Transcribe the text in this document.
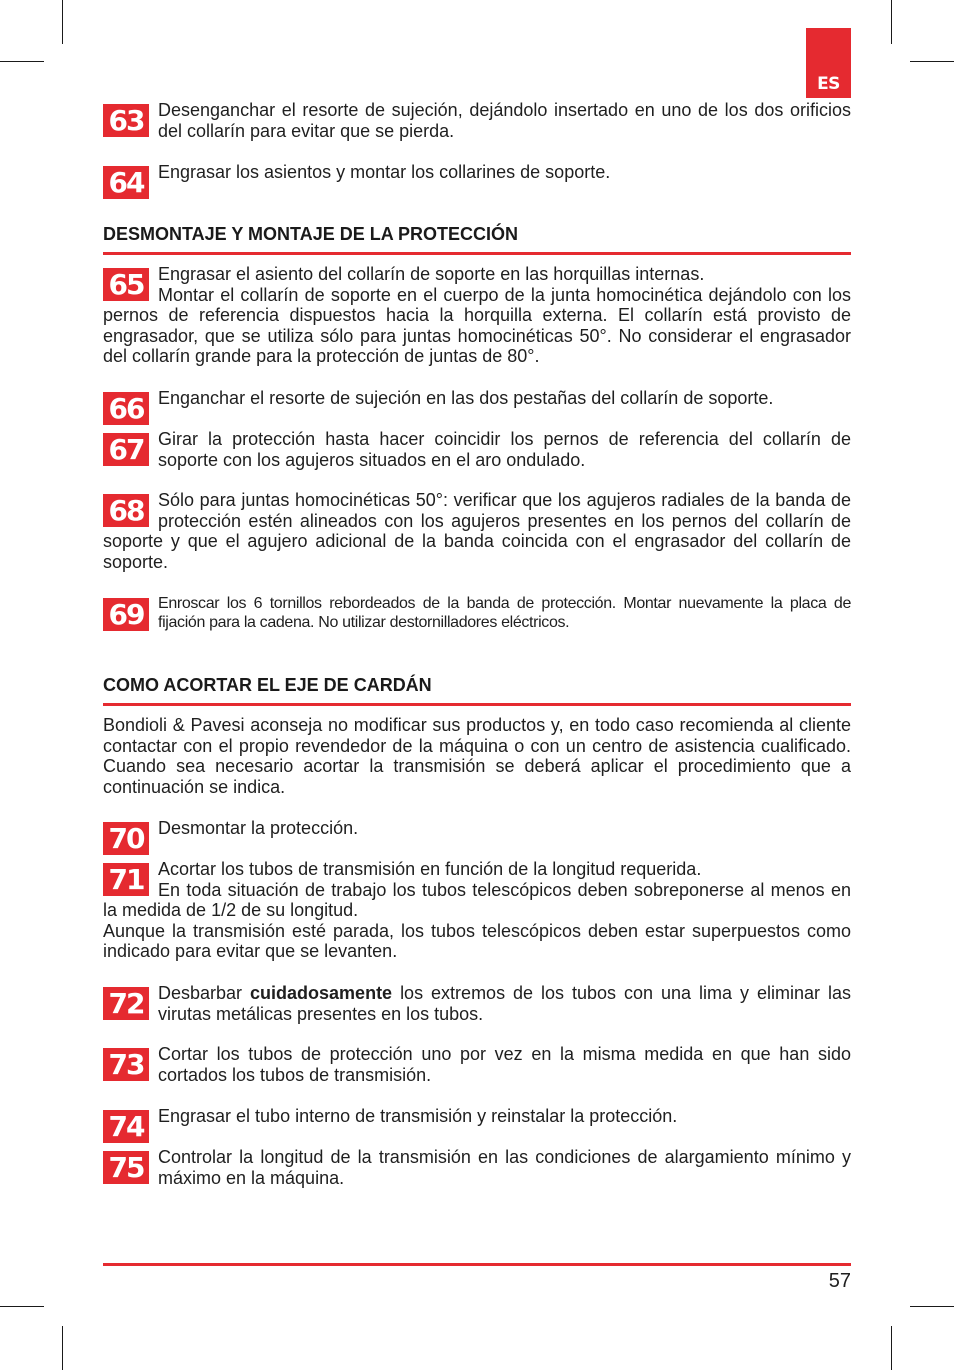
ES
63 Desenganchar el resorte de sujeción, dejándolo insertado en uno de los dos orificios del collarín para evitar que se pierda.

64 Engrasar los asientos y montar los collarines de soporte.

DESMONTAJE Y MONTAJE DE LA PROTECCIÓN
65 Engrasar el asiento del collarín de soporte en las horquillas internas.

Montar el collarín de soporte en el cuerpo de la junta homocinética dejándolo con los pernos de referencia dispuestos hacia la horquilla externa. El collarín está provisto de engrasador, que se utiliza sólo para juntas homocinéticas 50°. No considerar el engrasador del collarín grande para la protección de juntas de 80°.

66 Enganchar el resorte de sujeción en las dos pestañas del collarín de soporte.

67 Girar la protección hasta hacer coincidir los pernos de referencia del collarín de soporte con los agujeros situados en el aro ondulado.

68 Sólo para juntas homocinéticas 50°: verificar que los agujeros radiales de la banda de protección estén alineados con los agujeros presentes en los pernos del collarín de soporte y que el agujero adicional de la banda coincida con el engrasador del collarín de soporte.

69 Enroscar los 6 tornillos rebordeados de la banda de protección. Montar nuevamente la placa de fijación para la cadena. No utilizar destornilladores eléctricos.

COMO ACORTAR EL EJE DE CARDÁN

Bondioli & Pavesi aconseja no modificar sus productos y, en todo caso recomienda al cliente contactar con el propio revendedor de la máquina o con un centro de asistencia cualificado. Cuando sea necesario acortar la transmisión se deberá aplicar el procedimiento que a continuación se indica.

70 Desmontar la protección.

71 Acortar los tubos de transmisión en función de la longitud requerida.

En toda situación de trabajo los tubos telescópicos deben sobreponerse al menos en la medida de 1/2 de su longitud.

Aunque la transmisión esté parada, los tubos telescópicos deben estar superpuestos como indicado para evitar que se levanten.

72 Desbarbar cuidadosamente los extremos de los tubos con una lima y eliminar las virutas metálicas presentes en los tubos.

73 Cortar los tubos de protección uno por vez en la misma medida en que han sido cortados los tubos de transmisión.

74 Engrasar el tubo interno de transmisión y reinstalar la protección.

75 Controlar la longitud de la transmisión en las condiciones de alargamiento mínimo y máximo en la máquina.

57
